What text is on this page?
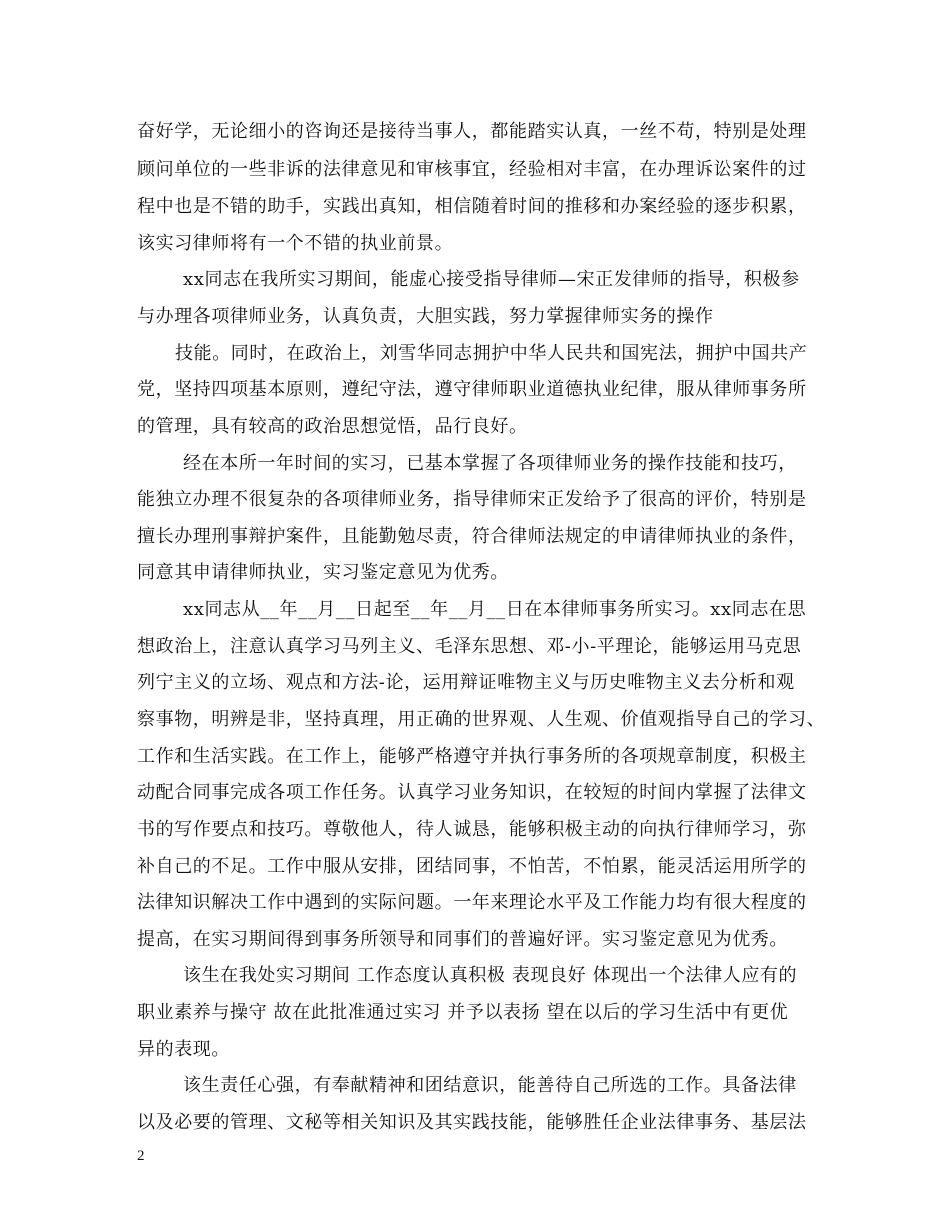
奋好学，无论细小的咨询还是接待当事人，都能踏实认真，一丝不苟，特别是处理
顾问单位的一些非诉的法律意见和审核事宜，经验相对丰富，在办理诉讼案件的过
程中也是不错的助手，实践出真知，相信随着时间的推移和办案经验的逐步积累，
该实习律师将有一个不错的执业前景。
xx同志在我所实习期间，能虚心接受指导律师—宋正发律师的指导，积极参
与办理各项律师业务，认真负责，大胆实践，努力掌握律师实务的操作
技能。同时，在政治上，刘雪华同志拥护中华人民共和国宪法，拥护中国共产
党，坚持四项基本原则，遵纪守法，遵守律师职业道德执业纪律，服从律师事务所
的管理，具有较高的政治思想觉悟，品行良好。
经在本所一年时间的实习，已基本掌握了各项律师业务的操作技能和技巧，
能独立办理不很复杂的各项律师业务，指导律师宋正发给予了很高的评价，特别是
擅长办理刑事辩护案件，且能勤勉尽责，符合律师法规定的申请律师执业的条件，
同意其申请律师执业，实习鉴定意见为优秀。
xx同志从__年__月__日起至__年__月__日在本律师事务所实习。xx同志在思
想政治上，注意认真学习马列主义、毛泽东思想、邓-小-平理论，能够运用马克思
列宁主义的立场、观点和方法-论，运用辩证唯物主义与历史唯物主义去分析和观
察事物，明辨是非，坚持真理，用正确的世界观、人生观、价值观指导自己的学习、
工作和生活实践。在工作上，能够严格遵守并执行事务所的各项规章制度，积极主
动配合同事完成各项工作任务。认真学习业务知识，在较短的时间内掌握了法律文
书的写作要点和技巧。尊敬他人，待人诚恳，能够积极主动的向执行律师学习，弥
补自己的不足。工作中服从安排，团结同事，不怕苦，不怕累，能灵活运用所学的
法律知识解决工作中遇到的实际问题。一年来理论水平及工作能力均有很大程度的
提高，在实习期间得到事务所领导和同事们的普遍好评。实习鉴定意见为优秀。
该生在我处实习期间 工作态度认真积极 表现良好 体现出一个法律人应有的
职业素养与操守 故在此批准通过实习 并予以表扬 望在以后的学习生活中有更优
异的表现。
该生责任心强，有奉献精神和团结意识，能善待自己所选的工作。具备法律
以及必要的管理、文秘等相关知识及其实践技能，能够胜任企业法律事务、基层法
2
